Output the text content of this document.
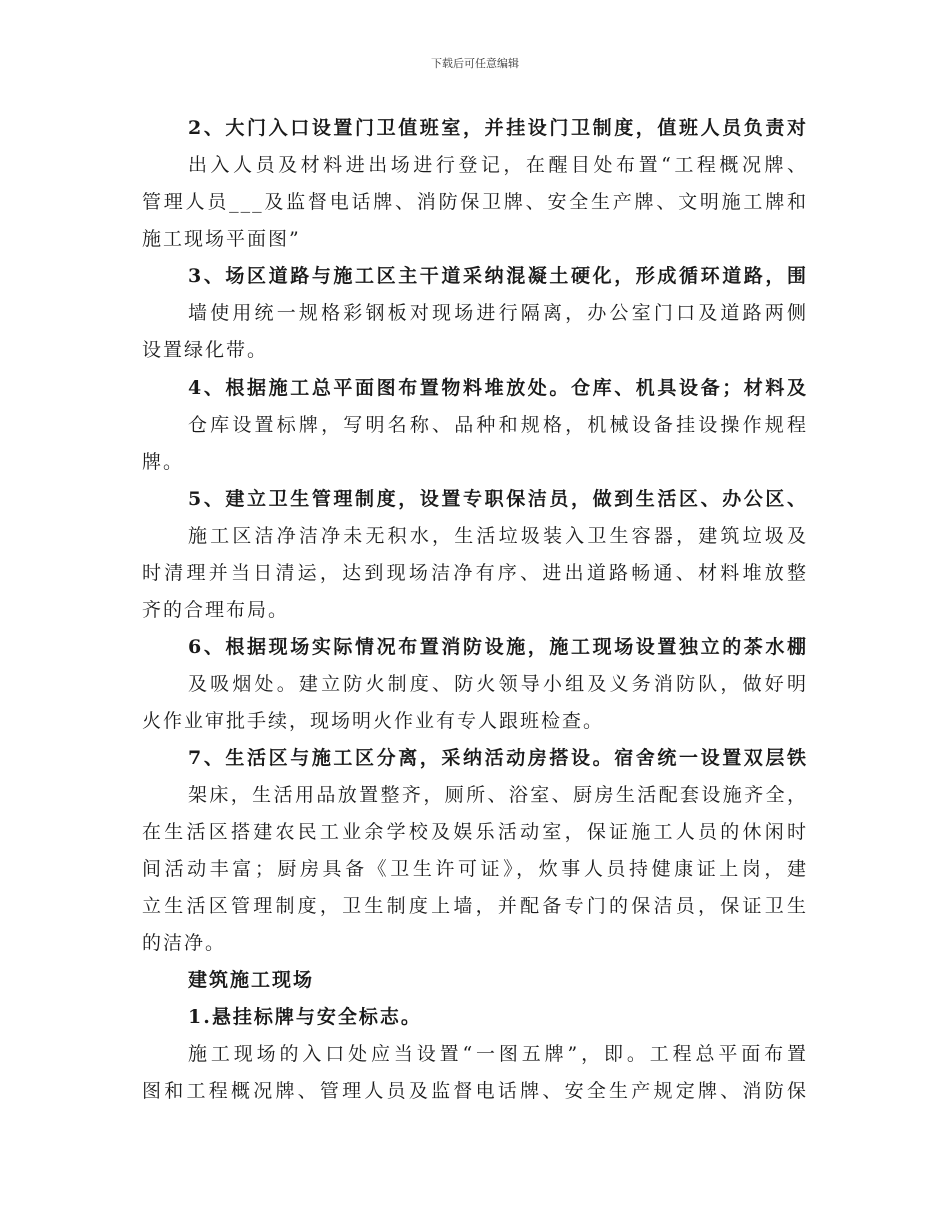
下载后可任意编辑
2、大门入口设置门卫值班室，并挂设门卫制度，值班人员负责对
出入人员及材料进出场进行登记，在醒目处布置“工程概况牌、
管理人员___及监督电话牌、消防保卫牌、安全生产牌、文明施工牌和
施工现场平面图”
3、场区道路与施工区主干道采纳混凝土硬化，形成循环道路，围
墙使用统一规格彩钢板对现场进行隔离，办公室门口及道路两侧
设置绿化带。
4、根据施工总平面图布置物料堆放处。仓库、机具设备；材料及
仓库设置标牌，写明名称、品种和规格，机械设备挂设操作规程
牌。
5、建立卫生管理制度，设置专职保洁员，做到生活区、办公区、
施工区洁净洁净未无积水，生活垃圾装入卫生容器，建筑垃圾及
时清理并当日清运，达到现场洁净有序、进出道路畅通、材料堆放整
齐的合理布局。
6、根据现场实际情况布置消防设施，施工现场设置独立的茶水棚
及吸烟处。建立防火制度、防火领导小组及义务消防队，做好明
火作业审批手续，现场明火作业有专人跟班检查。
7、生活区与施工区分离，采纳活动房搭设。宿舍统一设置双层铁
架床，生活用品放置整齐，厕所、浴室、厨房生活配套设施齐全，
在生活区搭建农民工业余学校及娱乐活动室，保证施工人员的休闲时
间活动丰富；厨房具备《卫生许可证》，炊事人员持健康证上岗，建
立生活区管理制度，卫生制度上墙，并配备专门的保洁员，保证卫生
的洁净。
建筑施工现场
1.悬挂标牌与安全标志。
施工现场的入口处应当设置“一图五牌”，即。工程总平面布置
图和工程概况牌、管理人员及监督电话牌、安全生产规定牌、消防保
